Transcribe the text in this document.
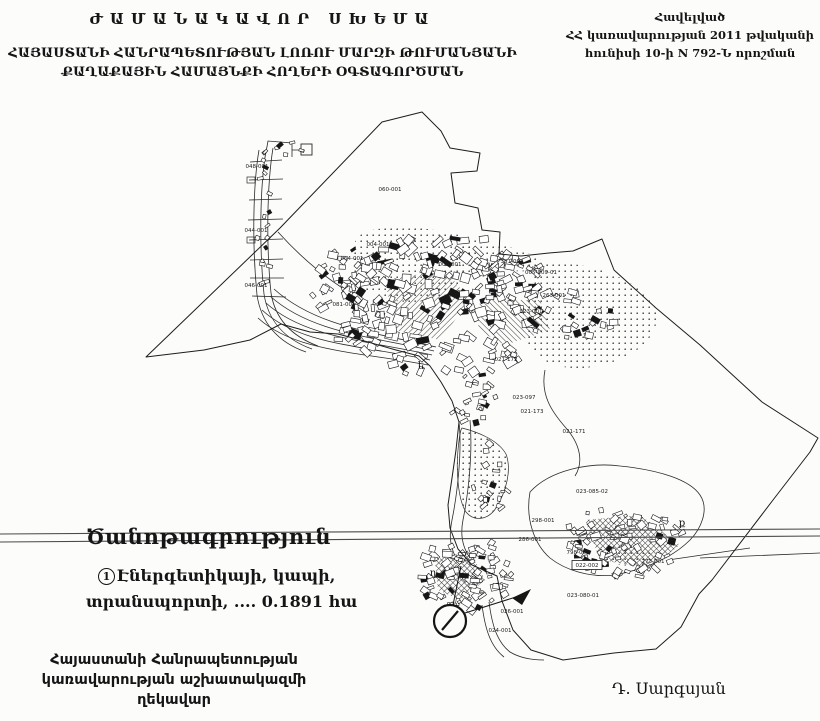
060-001
003-001	381-001
005-009-01
263-001
023-001
081-001
021-172
023-097
021-173
021-171
023-085-02
298-001
286-001
798-001
022-002
273-001
023-080-01
026-001
024-001
048-001
044-001
046-001
004-001
064-001
ե
ք
ղ
ԺԱՄԱՆԱԿԱՎՈՐ ՍԽԵՄԱ
ՀԱՅԱՍՏԱՆԻ ՀԱՆՐԱՊԵՏՈՒԹՅԱՆ ԼՈՌՈՒ ՄԱՐԶԻ ԹՈՒՄԱՆՅԱՆԻ
ՔԱՂԱՔԱՅԻՆ ՀԱՄԱՅՆՔԻ ՀՈՂԵՐԻ ՕԳՏԱԳՈՐԾՄԱՆ
Հավելված
ՀՀ կառավարության 2011 թվականի
հունիսի 10-ի N 792-Ն որոշման
Ծանոթագրություն
1 Էներգետիկայի, կապի,
տրանսպորտի, .... 0.1891 հա
Հայաստանի Հանրապետության
կառավարության աշխատակազմի
ղեկավար
Դ. Սարգսյան
